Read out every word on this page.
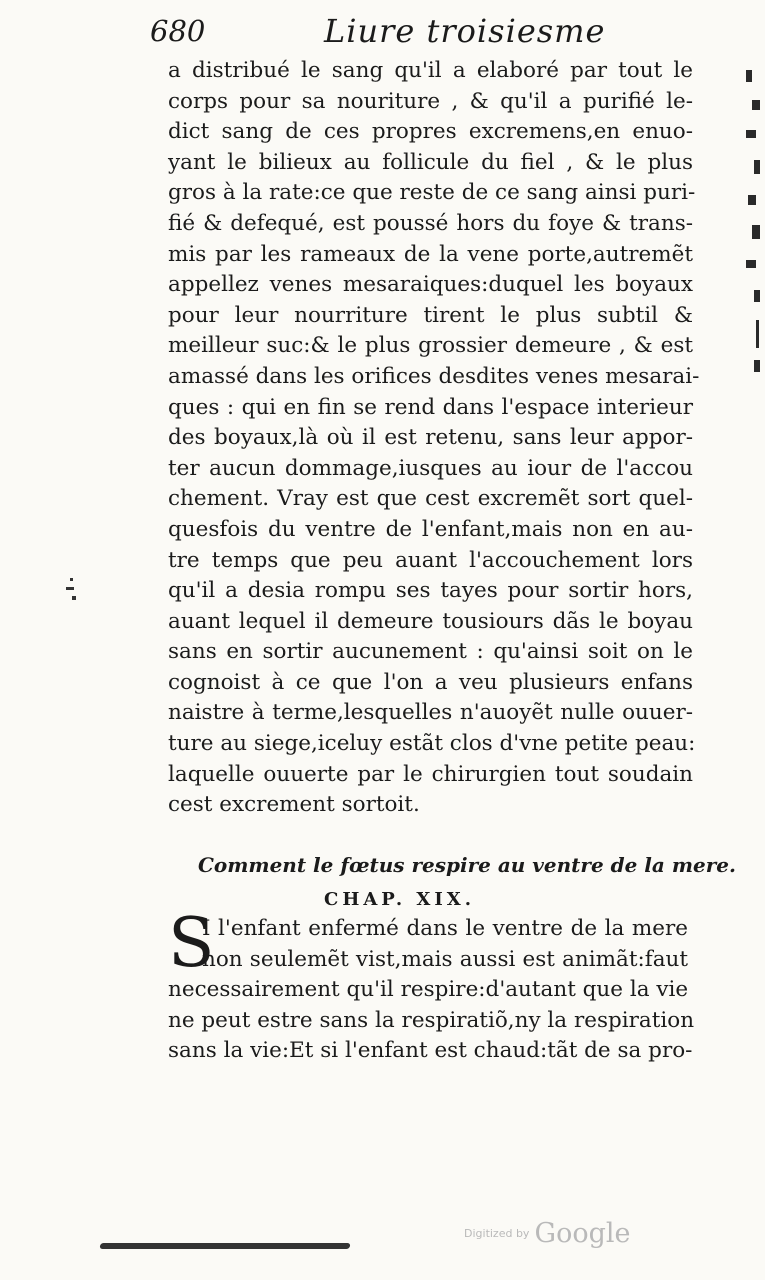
680	Liure troisiesme
a distribué le sang qu'il a elaboré par tout le
corps pour sa nouriture , & qu'il a purifié le-
dict sang de ces propres excremens,en enuo-
yant le bilieux au follicule du fiel , & le plus
gros à la rate:ce que reste de ce sang ainsi puri-
fié & defequé, est poussé hors du foye & trans-
mis par les rameaux de la vene porte,autremẽt
appellez venes mesaraiques:duquel les boyaux
pour leur nourriture tirent le plus subtil &
meilleur suc:& le plus grossier demeure , & est
amassé dans les orifices desdites venes mesarai-
ques : qui en fin se rend dans l'espace interieur
des boyaux,là où il est retenu, sans leur appor-
ter aucun dommage,iusques au iour de l'accou
chement. Vray est que cest excremẽt sort quel-
quesfois du ventre de l'enfant,mais non en au-
tre temps que peu auant l'accouchement lors
qu'il a desia rompu ses tayes pour sortir hors,
auant lequel il demeure tousiours dãs le boyau
sans en sortir aucunement : qu'ainsi soit on le
cognoist à ce que l'on a veu plusieurs enfans
naistre à terme,lesquelles n'auoyẽt nulle ouuer-
ture au siege,iceluy estãt clos d'vne petite peau:
laquelle ouuerte par le chirurgien tout soudain
cest excrement sortoit.
Comment le fœtus respire au ventre de la mere.
CHAP. XIX.
S
I l'enfant enfermé dans le ventre de la mere
non seulemẽt vist,mais aussi est animãt:faut
necessairement qu'il respire:d'autant que la vie
ne peut estre sans la respiratiõ,ny la respiration
sans la vie:Et si l'enfant est chaud:tãt de sa pro-
Digitized by Google
